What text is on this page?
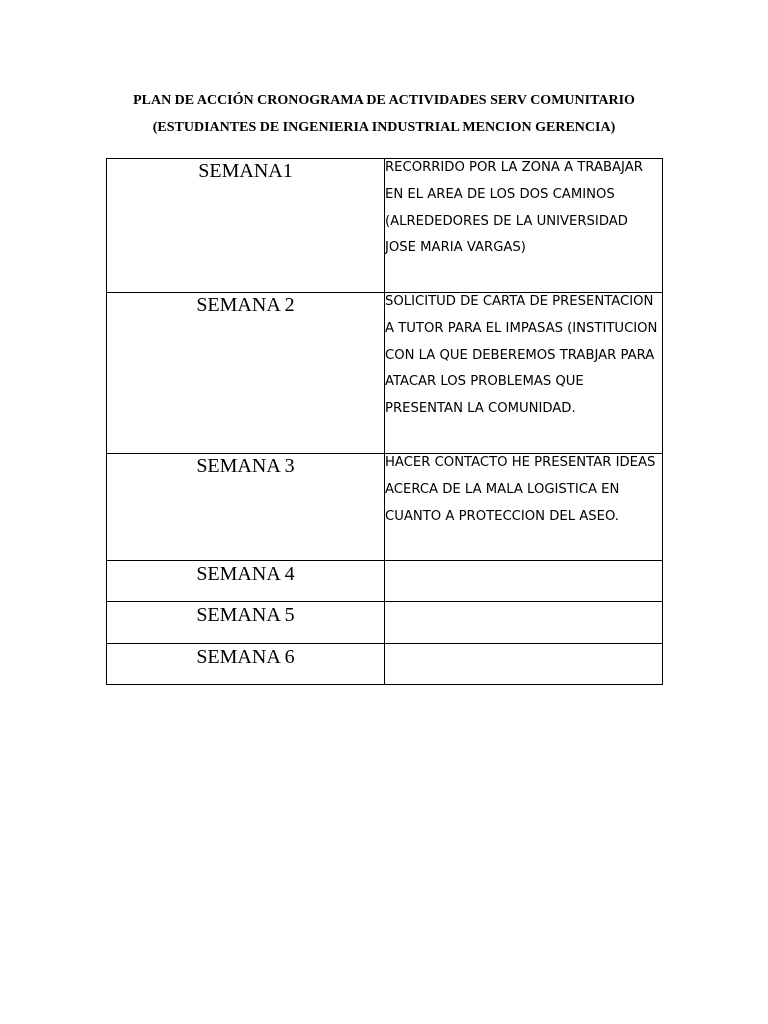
PLAN DE ACCIÓN CRONOGRAMA DE ACTIVIDADES SERV COMUNITARIO
(ESTUDIANTES DE INGENIERIA INDUSTRIAL MENCION GERENCIA)
SEMANA1	RECORRIDO POR LA ZONA A TRABAJAR EN EL AREA DE LOS DOS CAMINOS (ALREDEDORES DE LA UNIVERSIDAD JOSE MARIA VARGAS)

SEMANA 2	SOLICITUD DE CARTA DE PRESENTACION A TUTOR PARA EL IMPASAS (INSTITUCION CON LA QUE DEBEREMOS TRABJAR PARA ATACAR LOS PROBLEMAS QUE PRESENTAN LA COMUNIDAD.

SEMANA 3	HACER CONTACTO HE PRESENTAR IDEAS ACERCA DE LA MALA LOGISTICA EN CUANTO A PROTECCION DEL ASEO.

SEMANA 4	

SEMANA 5	

SEMANA 6	
